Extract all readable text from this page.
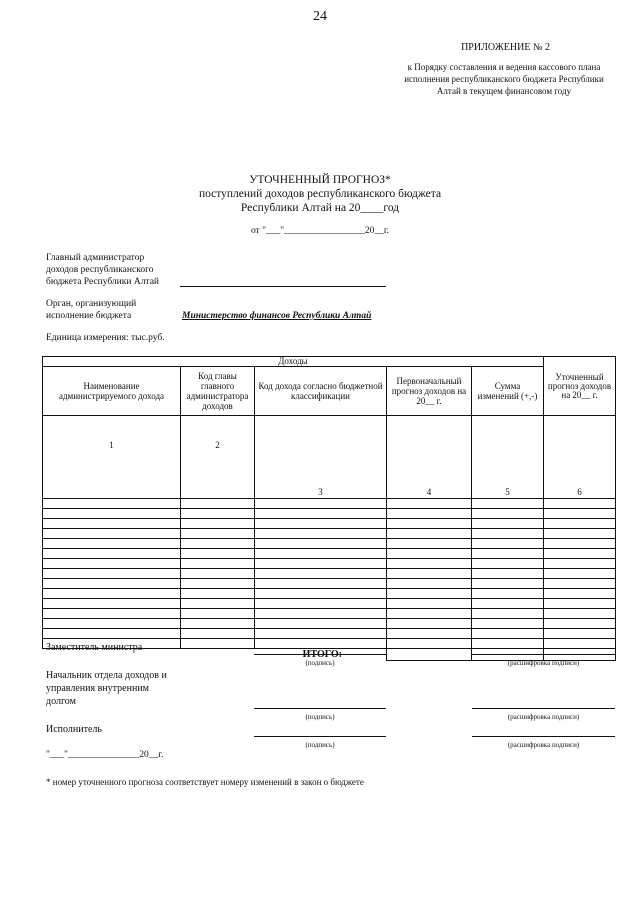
24
ПРИЛОЖЕНИЕ № 2
к Порядку составления и ведения кассового плана
исполнения республиканского бюджета Республики
Алтай в текущем финансовом году
УТОЧНЕННЫЙ ПРОГНОЗ*
поступлений доходов республиканского бюджета
Республики Алтай на 20____год
от "___"_________________20__г.
Главный администратор
доходов республиканского
бюджета Республики Алтай
Орган, организующий
исполнение бюджета	Министерство финансов Республики Алтай
Единица измерения: тыс.руб.
Доходы					Уточненный прогноз доходов на 20__ г.
Наименование администрируемого дохода	Код главы главного администратора доходов	Код дохода согласно бюджетной классификации	Первоначальный прогноз доходов на 20__ г.	Сумма изменений (+,-)	
1	2	3	4	5	6

ИТОГО:					
Заместитель министра
(подпись)	(расшифровка подписи)
Начальник отдела доходов и
управления внутренним
долгом
(подпись)	(расшифровка подписи)
Исполнитель
(подпись)	(расшифровка подписи)
"___"_______________20__г.
* номер уточненного прогноза соответствует номеру изменений в закон о бюджете
